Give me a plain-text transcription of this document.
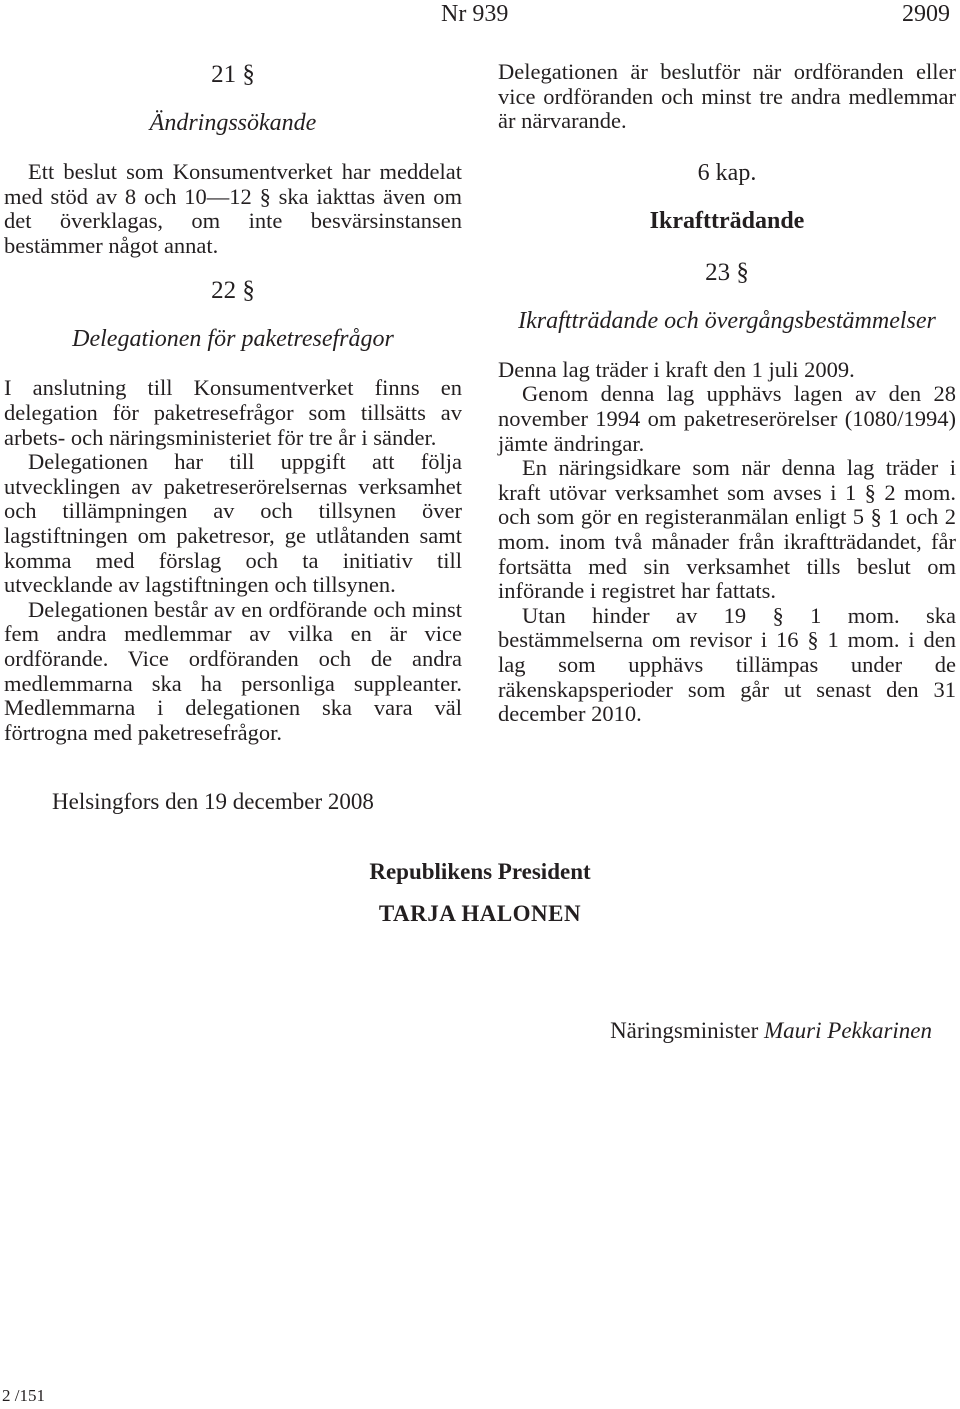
Nr 939	2909
21 §
Ändringssökande

Ett beslut som Konsumentverket har meddelat med stöd av 8 och 10—12 § ska iakttas även om det överklagas, om inte besvärsinstansen bestämmer något annat.

22 §
Delegationen för paketresefrågor

I anslutning till Konsumentverket finns en delegation för paketresefrågor som tillsätts av arbets- och näringsministeriet för tre år i sänder.

Delegationen har till uppgift att följa utvecklingen av paketreserörelsernas verksamhet och tillämpningen av och tillsynen över lagstiftningen om paketresor, ge utlåtanden samt komma med förslag och ta initiativ till utvecklande av lagstiftningen och tillsynen.

Delegationen består av en ordförande och minst fem andra medlemmar av vilka en är vice ordförande. Vice ordföranden och de andra medlemmarna ska ha personliga suppleanter. Medlemmarna i delegationen ska vara väl förtrogna med paketresefrågor.

Delegationen är beslutför när ordföranden eller vice ordföranden och minst tre andra medlemmar är närvarande.

6 kap.
Ikraftträdande
23 §
Ikraftträdande och övergångsbestämmelser

Denna lag träder i kraft den 1 juli 2009.

Genom denna lag upphävs lagen av den 28 november 1994 om paketreserörelser (1080/1994) jämte ändringar.

En näringsidkare som när denna lag träder i kraft utövar verksamhet som avses i 1 § 2 mom. och som gör en registeranmälan enligt 5 § 1 och 2 mom. inom två månader från ikraftträdandet, får fortsätta med sin verksamhet tills beslut om införande i registret har fattats.

Utan hinder av 19 § 1 mom. ska bestämmelserna om revisor i 16 § 1 mom. i den lag som upphävs tillämpas under de räkenskapsperioder som går ut senast den 31 december 2010.

Helsingfors den 19 december 2008
Republikens President
TARJA HALONEN
Näringsminister Mauri Pekkarinen
2 /151
